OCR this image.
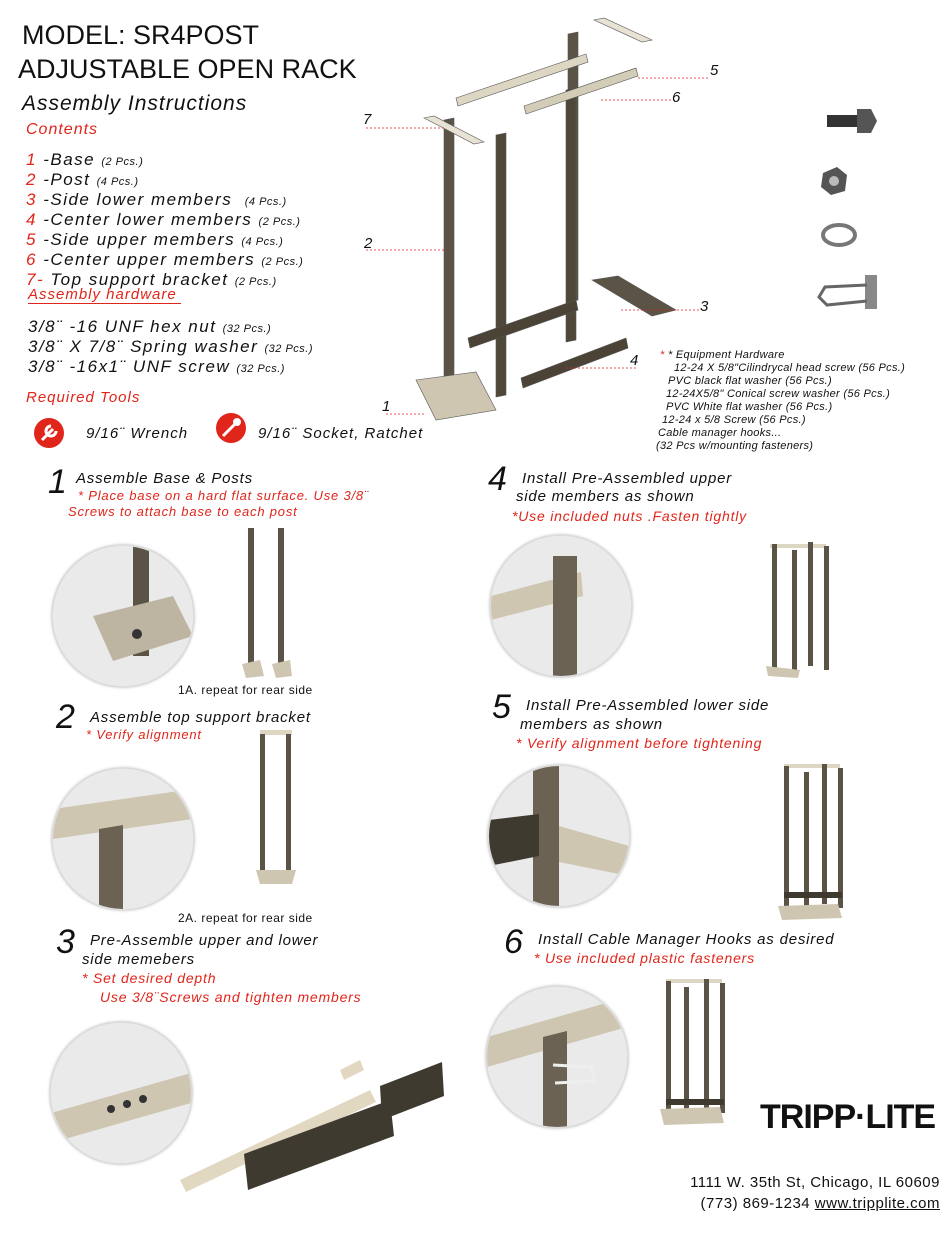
MODEL: SR4POST
ADJUSTABLE OPEN RACK
Assembly Instructions
Contents
1 -Base (2 Pcs.)
2 -Post (4 Pcs.)
3 -Side lower members (4 Pcs.)
4 -Center lower members (2 Pcs.)
5 -Side upper members (4 Pcs.)
6 -Center upper members (2 Pcs.)
7- Top support bracket (2 Pcs.)
Assembly hardware
3/8¨ -16 UNF hex nut (32 Pcs.)
3/8¨ X 7/8¨ Spring washer (32 Pcs.)
3/8¨ -16x1¨ UNF screw (32 Pcs.)
Required Tools
9/16¨ Wrench	9/16¨ Socket, Ratchet
7
2
5
6
3
4
1
* * Equipment Hardware
12-24 X 5/8"Cilindrycal head screw (56 Pcs.)
PVC black flat washer (56 Pcs.)
12-24X5/8" Conical screw washer (56 Pcs.)
PVC White flat washer (56 Pcs.)
12-24 x 5/8 Screw (56 Pcs.)
Cable manager hooks...
(32 Pcs w/mounting fasteners)
1 Assemble Base & Posts
* Place base on a hard flat surface. Use 3/8¨
Screws to attach base to each post
1A. repeat for rear side
2 Assemble top support bracket
* Verify alignment
2A. repeat for rear side
3 Pre-Assemble upper and lower
side memebers
* Set desired depth
Use 3/8¨Screws and tighten members
4 Install Pre-Assembled upper
side members as shown
*Use included nuts .Fasten tightly
5 Install Pre-Assembled lower side
members as shown
* Verify alignment before tightening
6 Install Cable Manager Hooks as desired
* Use included plastic fasteners
TRIPP·LITE
1111 W. 35th St, Chicago, IL 60609
(773) 869-1234 www.tripplite.com
